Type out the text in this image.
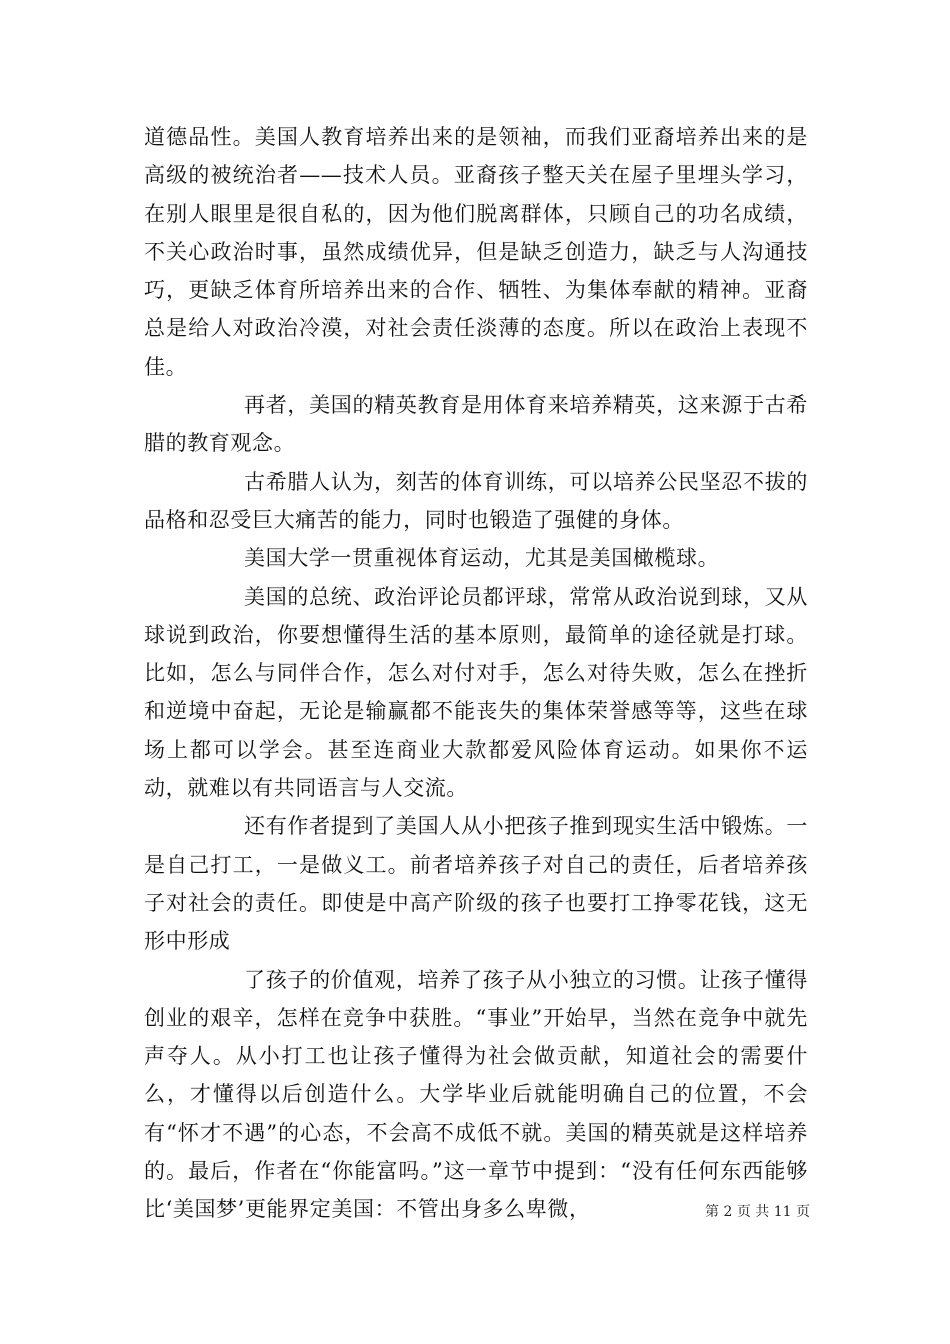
道德品性。美国人教育培养出来的是领袖，而我们亚裔培养出来的是高级的被统治者——技术人员。亚裔孩子整天关在屋子里埋头学习，在别人眼里是很自私的，因为他们脱离群体，只顾自己的功名成绩，不关心政治时事，虽然成绩优异，但是缺乏创造力，缺乏与人沟通技巧，更缺乏体育所培养出来的合作、牺牲、为集体奉献的精神。亚裔总是给人对政治冷漠，对社会责任淡薄的态度。所以在政治上表现不佳。

再者，美国的精英教育是用体育来培养精英，这来源于古希腊的教育观念。

古希腊人认为，刻苦的体育训练，可以培养公民坚忍不拔的品格和忍受巨大痛苦的能力，同时也锻造了强健的身体。

美国大学一贯重视体育运动，尤其是美国橄榄球。

美国的总统、政治评论员都评球，常常从政治说到球，又从球说到政治，你要想懂得生活的基本原则，最简单的途径就是打球。比如，怎么与同伴合作，怎么对付对手，怎么对待失败，怎么在挫折和逆境中奋起，无论是输赢都不能丧失的集体荣誉感等等，这些在球场上都可以学会。甚至连商业大款都爱风险体育运动。如果你不运动，就难以有共同语言与人交流。

还有作者提到了美国人从小把孩子推到现实生活中锻炼。一是自己打工，一是做义工。前者培养孩子对自己的责任，后者培养孩子对社会的责任。即使是中高产阶级的孩子也要打工挣零花钱，这无形中形成

了孩子的价值观，培养了孩子从小独立的习惯。让孩子懂得创业的艰辛，怎样在竞争中获胜。“事业”开始早，当然在竞争中就先声夺人。从小打工也让孩子懂得为社会做贡献，知道社会的需要什么，才懂得以后创造什么。大学毕业后就能明确自己的位置，不会有“怀才不遇”的心态，不会高不成低不就。美国的精英就是这样培养的。最后，作者在“你能富吗。”这一章节中提到：“没有任何东西能够比‘美国梦’更能界定美国：不管出身多么卑微，	第 2 页 共 11 页
